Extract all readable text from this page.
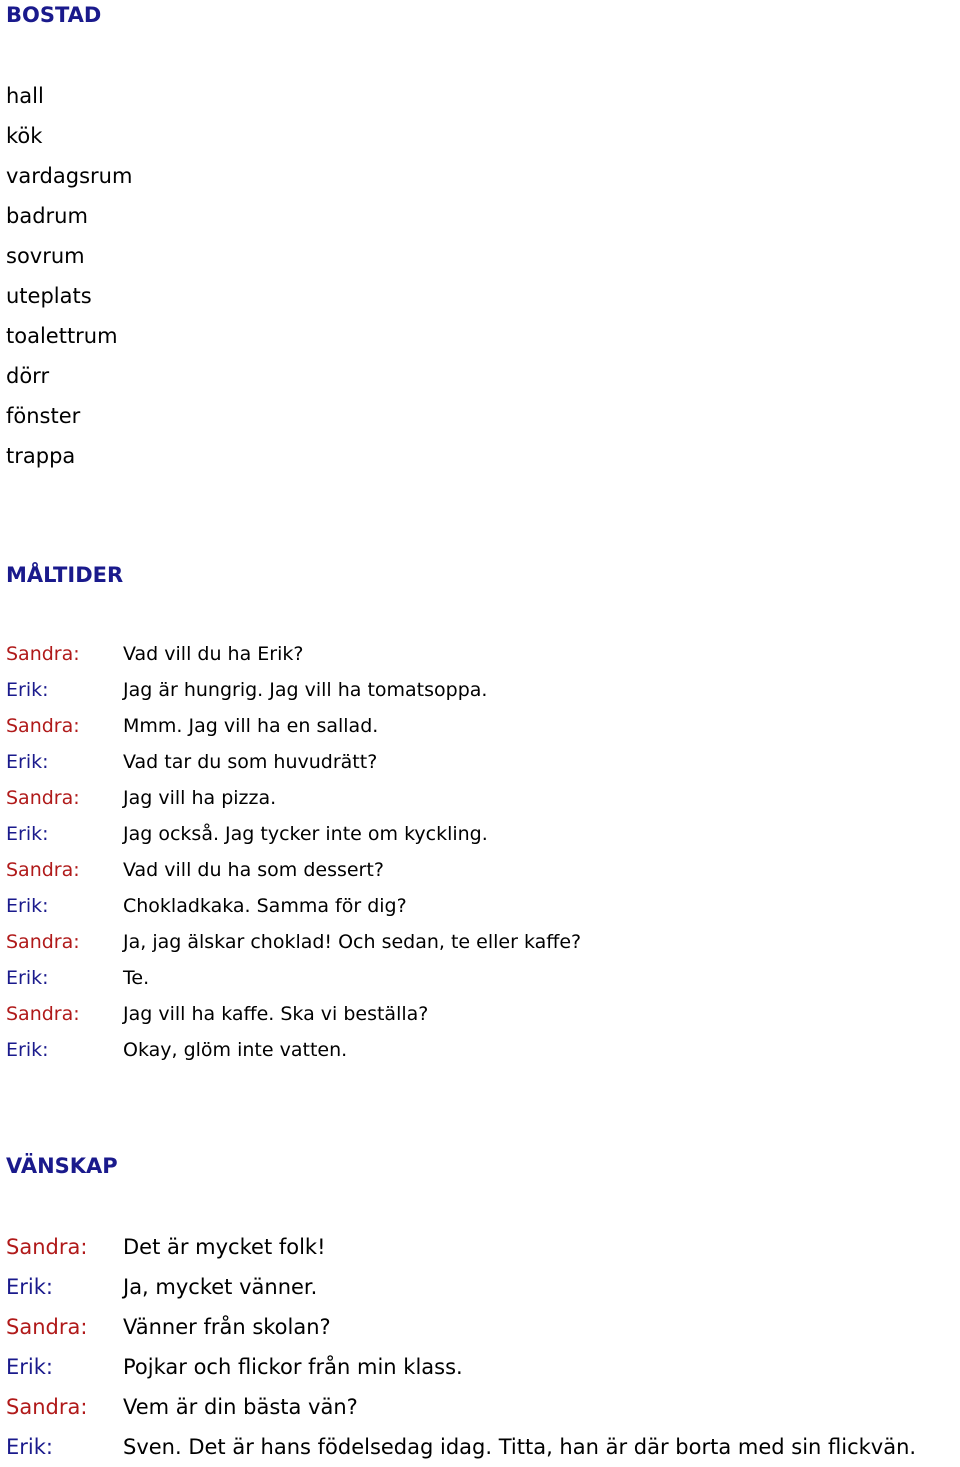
BOSTAD
hall
kök
vardagsrum
badrum
sovrum
uteplats
toalettrum
dörr
fönster
trappa
MÅLTIDER
Sandra:	Vad vill du ha Erik?
Erik:	Jag är hungrig. Jag vill ha tomatsoppa.
Sandra:	Mmm. Jag vill ha en sallad.
Erik:	Vad tar du som huvudrätt?
Sandra:	Jag vill ha pizza.
Erik:	Jag också. Jag tycker inte om kyckling.
Sandra:	Vad vill du ha som dessert?
Erik:	Chokladkaka. Samma för dig?
Sandra:	Ja, jag älskar choklad! Och sedan, te eller kaffe?
Erik:	Te.
Sandra:	Jag vill ha kaffe. Ska vi beställa?
Erik:	Okay, glöm inte vatten.
VÄNSKAP
Sandra:	Det är mycket folk!
Erik:	Ja, mycket vänner.
Sandra:	Vänner från skolan?
Erik:	Pojkar och flickor från min klass.
Sandra:	Vem är din bästa vän?
Erik:	Sven. Det är hans födelsedag idag. Titta, han är där borta med sin flickvän.
